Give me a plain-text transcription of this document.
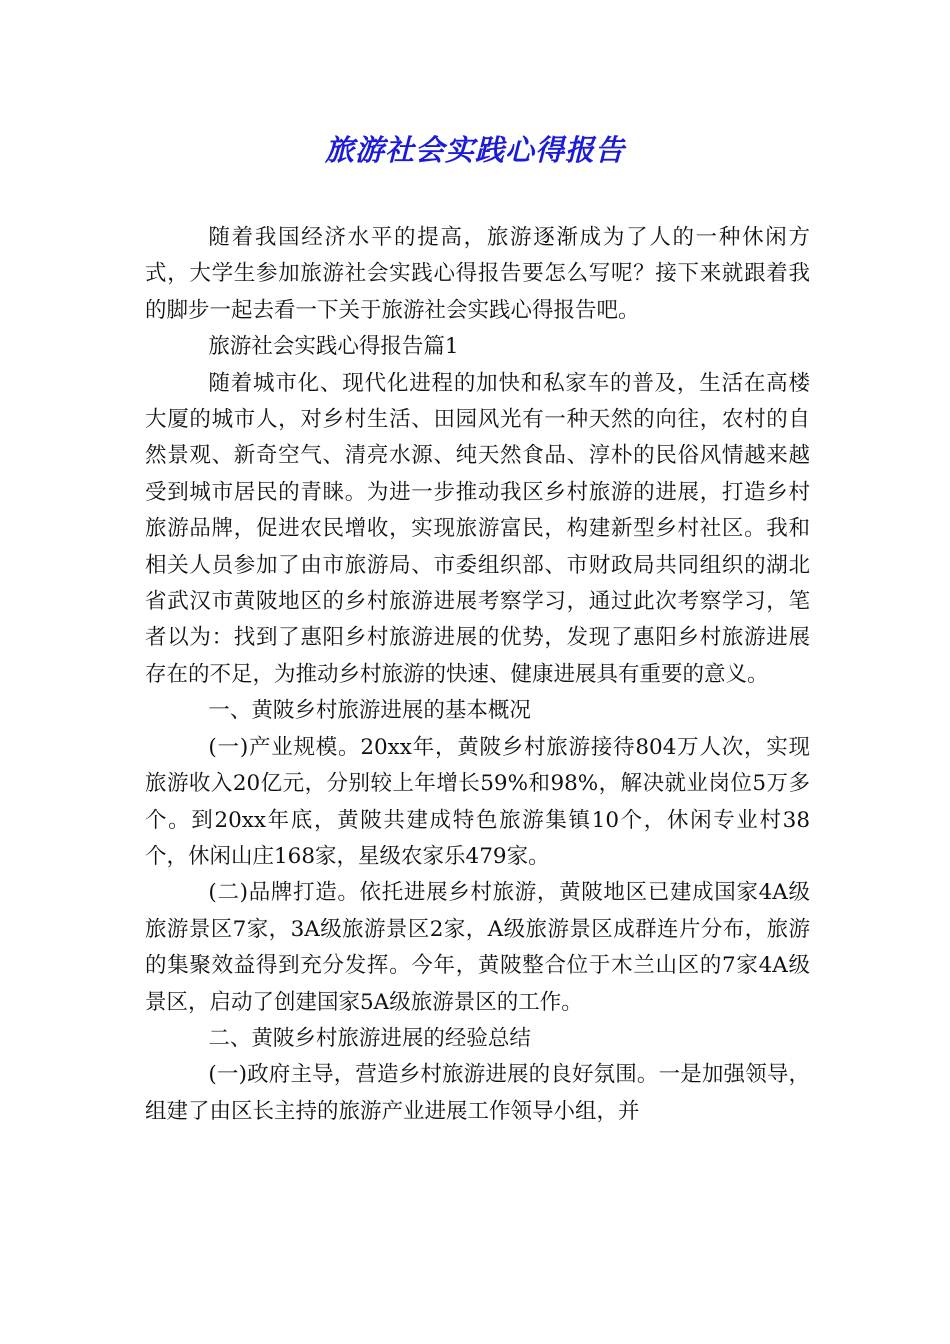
旅游社会实践心得报告

随着我国经济水平的提高，旅游逐渐成为了人的一种休闲方式，大学生参加旅游社会实践心得报告要怎么写呢？接下来就跟着我的脚步一起去看一下关于旅游社会实践心得报告吧。

旅游社会实践心得报告篇1

随着城市化、现代化进程的加快和私家车的普及，生活在高楼大厦的城市人，对乡村生活、田园风光有一种天然的向往，农村的自然景观、新奇空气、清亮水源、纯天然食品、淳朴的民俗风情越来越受到城市居民的青睐。为进一步推动我区乡村旅游的进展，打造乡村旅游品牌，促进农民增收，实现旅游富民，构建新型乡村社区。我和相关人员参加了由市旅游局、市委组织部、市财政局共同组织的湖北省武汉市黄陂地区的乡村旅游进展考察学习，通过此次考察学习，笔者以为：找到了惠阳乡村旅游进展的优势，发现了惠阳乡村旅游进展存在的不足，为推动乡村旅游的快速、健康进展具有重要的意义。

一、黄陂乡村旅游进展的基本概况

(一)产业规模。20xx年，黄陂乡村旅游接待804万人次，实现旅游收入20亿元，分别较上年增长59%和98%，解决就业岗位5万多个。到20xx年底，黄陂共建成特色旅游集镇10个，休闲专业村38个，休闲山庄168家，星级农家乐479家。

(二)品牌打造。依托进展乡村旅游，黄陂地区已建成国家4A级旅游景区7家，3A级旅游景区2家，A级旅游景区成群连片分布，旅游的集聚效益得到充分发挥。今年，黄陂整合位于木兰山区的7家4A级景区，启动了创建国家5A级旅游景区的工作。

二、黄陂乡村旅游进展的经验总结

(一)政府主导，营造乡村旅游进展的良好氛围。一是加强领导，组建了由区长主持的旅游产业进展工作领导小组，并
